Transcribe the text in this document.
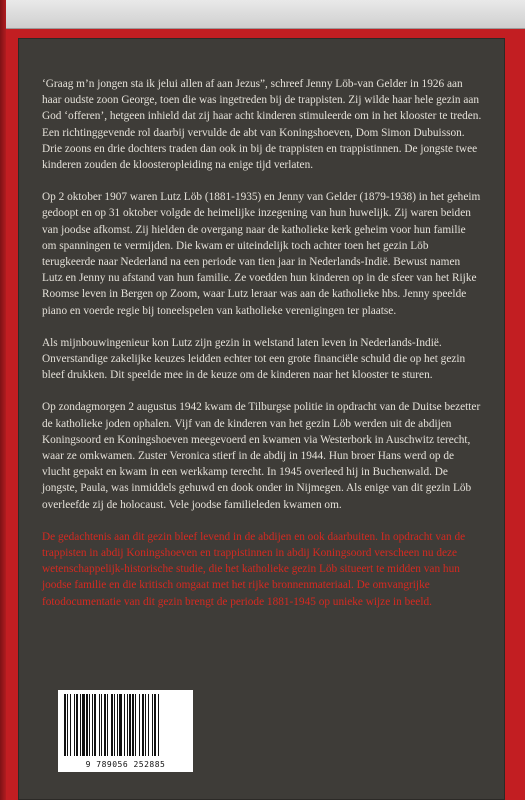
‘Graag m’n jongen sta ik jelui allen af aan Jezus”, schreef Jenny Löb-van Gelder in 1926 aan haar oudste zoon George, toen die was ingetreden bij de trappisten. Zij wilde haar hele gezin aan God ‘offeren’, hetgeen inhield dat zij haar acht kinderen stimuleerde om in het klooster te treden. Een richtinggevende rol daarbij vervulde de abt van Koningshoeven, Dom Simon Dubuisson. Drie zoons en drie dochters traden dan ook in bij de trappisten en trappistinnen. De jongste twee kinderen zouden de kloosteropleiding na enige tijd verlaten.

Op 2 oktober 1907 waren Lutz Löb (1881-1935) en Jenny van Gelder (1879-1938) in het geheim gedoopt en op 31 oktober volgde de heimelijke inzegening van hun huwelijk. Zij waren beiden van joodse afkomst. Zij hielden de overgang naar de katholieke kerk geheim voor hun familie om spanningen te vermijden. Die kwam er uiteindelijk toch achter toen het gezin Löb terugkeerde naar Nederland na een periode van tien jaar in Nederlands-Indië. Bewust namen Lutz en Jenny nu afstand van hun familie. Ze voedden hun kinderen op in de sfeer van het Rijke Roomse leven in Bergen op Zoom, waar Lutz leraar was aan de katholieke hbs. Jenny speelde piano en voerde regie bij toneelspelen van katholieke verenigingen ter plaatse.

Als mijnbouwingenieur kon Lutz zijn gezin in welstand laten leven in Nederlands-Indië. Onverstandige zakelijke keuzes leidden echter tot een grote financiële schuld die op het gezin bleef drukken. Dit speelde mee in de keuze om de kinderen naar het klooster te sturen.

Op zondagmorgen 2 augustus 1942 kwam de Tilburgse politie in opdracht van de Duitse bezetter de katholieke joden ophalen. Vijf van de kinderen van het gezin Löb werden uit de abdijen Koningsoord en Koningshoeven meegevoerd en kwamen via Westerbork in Auschwitz terecht, waar ze omkwamen. Zuster Veronica stierf in de abdij in 1944. Hun broer Hans werd op de vlucht gepakt en kwam in een werkkamp terecht. In 1945 overleed hij in Buchenwald. De jongste, Paula, was inmiddels gehuwd en dook onder in Nijmegen. Als enige van dit gezin Löb overleefde zij de holocaust. Vele joodse familieleden kwamen om.

De gedachtenis aan dit gezin bleef levend in de abdijen en ook daarbuiten. In opdracht van de trappisten in abdij Koningshoeven en trappistinnen in abdij Koningsoord verscheen nu deze wetenschappelijk-historische studie, die het katholieke gezin Löb situeert te midden van hun joodse familie en die kritisch omgaat met het rijke bronnenmateriaal. De omvangrijke fotodocumentatie van dit gezin brengt de periode 1881-1945 op unieke wijze in beeld.

9 789056 252885
